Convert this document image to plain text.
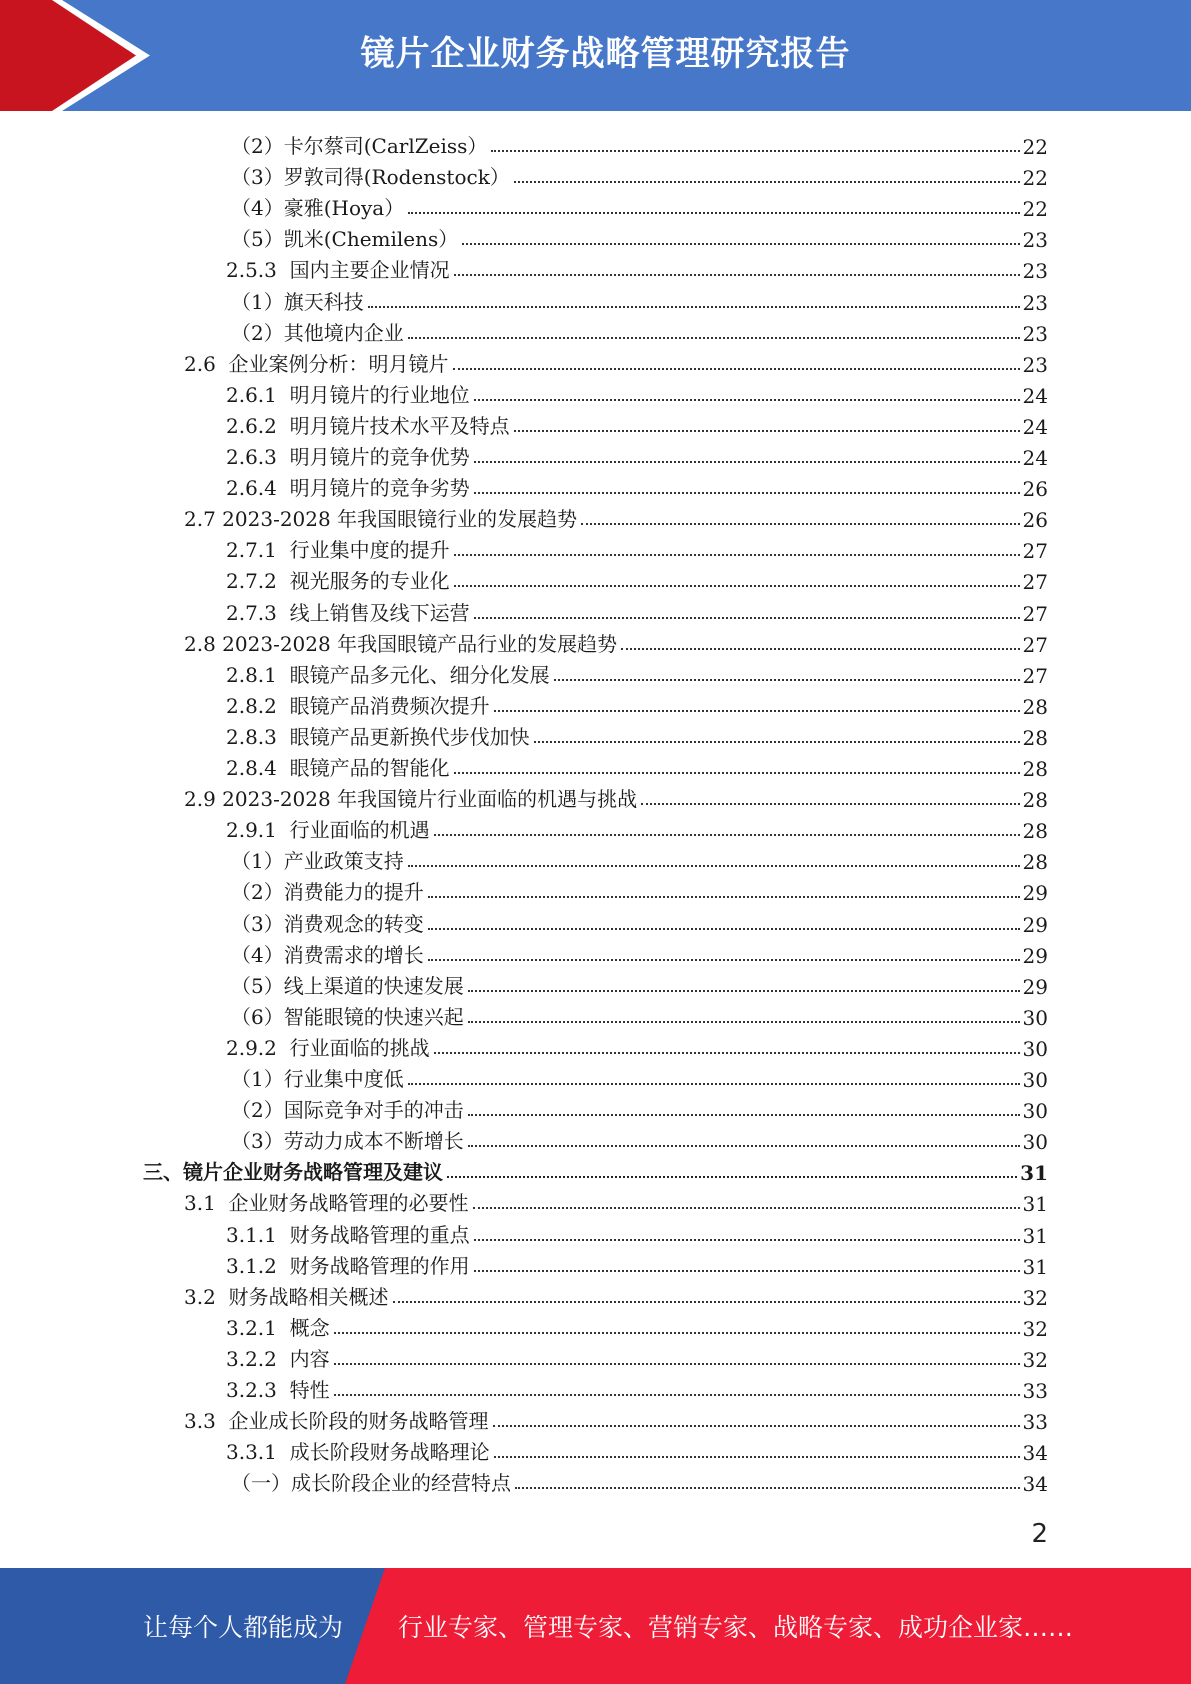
镜片企业财务战略管理研究报告
（2）卡尔蔡司(CarlZeiss）	22
（3）罗敦司得(Rodenstock）	22
（4）豪雅(Hoya）	22
（5）凯米(Chemilens）	23
2.5.3  国内主要企业情况	23
（1）旗天科技	23
（2）其他境内企业	23
2.6  企业案例分析：明月镜片	23
2.6.1  明月镜片的行业地位	24
2.6.2  明月镜片技术水平及特点	24
2.6.3  明月镜片的竞争优势	24
2.6.4  明月镜片的竞争劣势	26
2.7 2023-2028 年我国眼镜行业的发展趋势	26
2.7.1  行业集中度的提升	27
2.7.2  视光服务的专业化	27
2.7.3  线上销售及线下运营	27
2.8 2023-2028 年我国眼镜产品行业的发展趋势	27
2.8.1  眼镜产品多元化、细分化发展	27
2.8.2  眼镜产品消费频次提升	28
2.8.3  眼镜产品更新换代步伐加快	28
2.8.4  眼镜产品的智能化	28
2.9 2023-2028 年我国镜片行业面临的机遇与挑战	28
2.9.1  行业面临的机遇	28
（1）产业政策支持	28
（2）消费能力的提升	29
（3）消费观念的转变	29
（4）消费需求的增长	29
（5）线上渠道的快速发展	29
（6）智能眼镜的快速兴起	30
2.9.2  行业面临的挑战	30
（1）行业集中度低	30
（2）国际竞争对手的冲击	30
（3）劳动力成本不断增长	30
三、镜片企业财务战略管理及建议	31
3.1  企业财务战略管理的必要性	31
3.1.1  财务战略管理的重点	31
3.1.2  财务战略管理的作用	31
3.2  财务战略相关概述	32
3.2.1  概念	32
3.2.2  内容	32
3.2.3  特性	33
3.3  企业成长阶段的财务战略管理	33
3.3.1  成长阶段财务战略理论	34
（一）成长阶段企业的经营特点	34
2
让每个人都能成为 行业专家、管理专家、营销专家、战略专家、成功企业家……
